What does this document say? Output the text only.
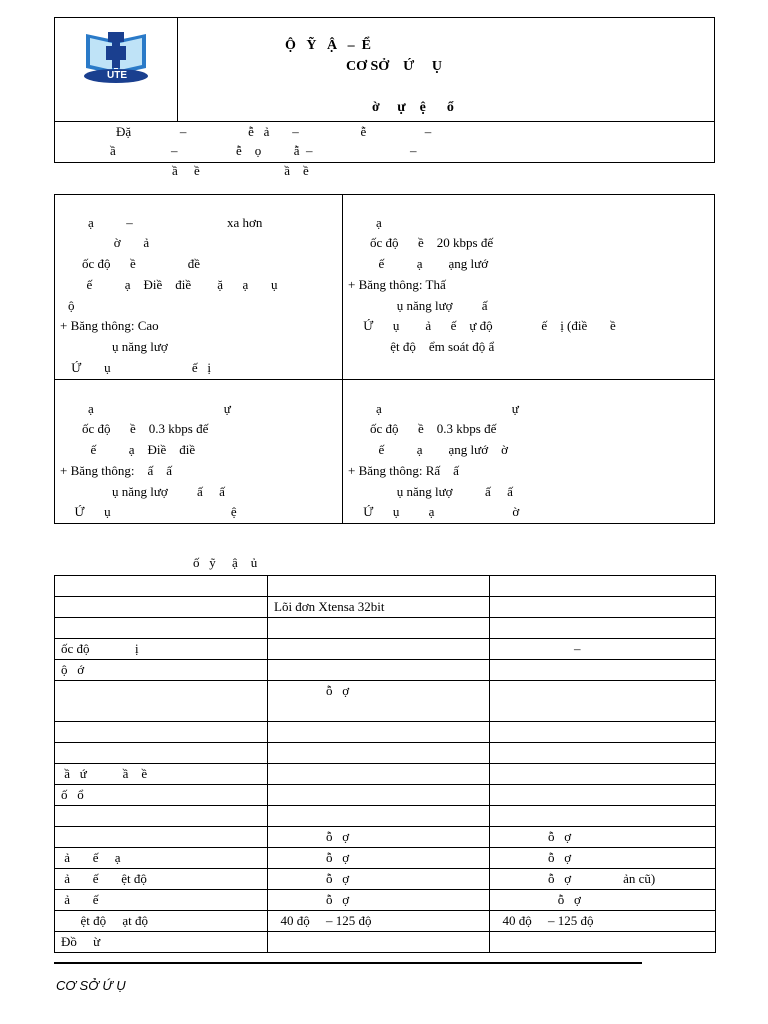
UTE
Ộ   Ỹ   Ậ   –  Ể
CƠ SỞ    Ứ     Ụ
ờ     ự    ệ      ổ
Đặ               –                   ễ   ả       –                   ễ                  –
ầ                 –                  ễ    ọ          ẫ  –                              –
ầ     ề                          ầ    ề
ạ          –                             xa hơn
ờ       ả
ốc độ      ề                đề
ế          ạ    Điề    điề        ặ      ạ       ụ
ộ
+ Băng thông: Cao
ụ năng lượ
Ứ       ụ                         ế   ị
ạ
ốc độ      ề    20 kbps đế
ế          ạ        ạng lướ
+ Băng thông: Thấ
ụ năng lượ         ấ
Ứ      ụ        ả      ế    ự độ               ế    ị (điề       ề
ệt độ    ểm soát độ ẩ
ạ                                        ự
ốc độ      ề    0.3 kbps đế
ế          ạ    Điề    điề
+ Băng thông:    ấ    ấ
ụ năng lượ         ấ     ấ
Ứ      ụ                                     ệ
ạ                                        ự
ốc độ      ề    0.3 kbps đế
ế          ạ        ạng lướ    ờ
+ Băng thông: Rấ    ấ
ụ năng lượ          ấ     ấ
Ứ      ụ         ạ                        ờ
ố   ỹ     ậ    ủ

	Lõi đơn Xtensa 32bit	

ốc độ              ị		–
ộ   ớ		
	ỗ   ợ	

ầ   ứ           ầ    ề		
ố   ổ		

	ỗ   ợ	ỗ   ợ
ả       ế     ạ	ỗ   ợ	ỗ   ợ
ả       ế       ệt độ	ỗ   ợ	ỗ   ợ                ản cũ)
ả       ế	ỗ   ợ	ỗ   ợ
ệt độ     ạt độ	40 độ     – 125 độ	40 độ     – 125 độ
Đồ     ừ		
CƠ SỞ Ứ Ụ
